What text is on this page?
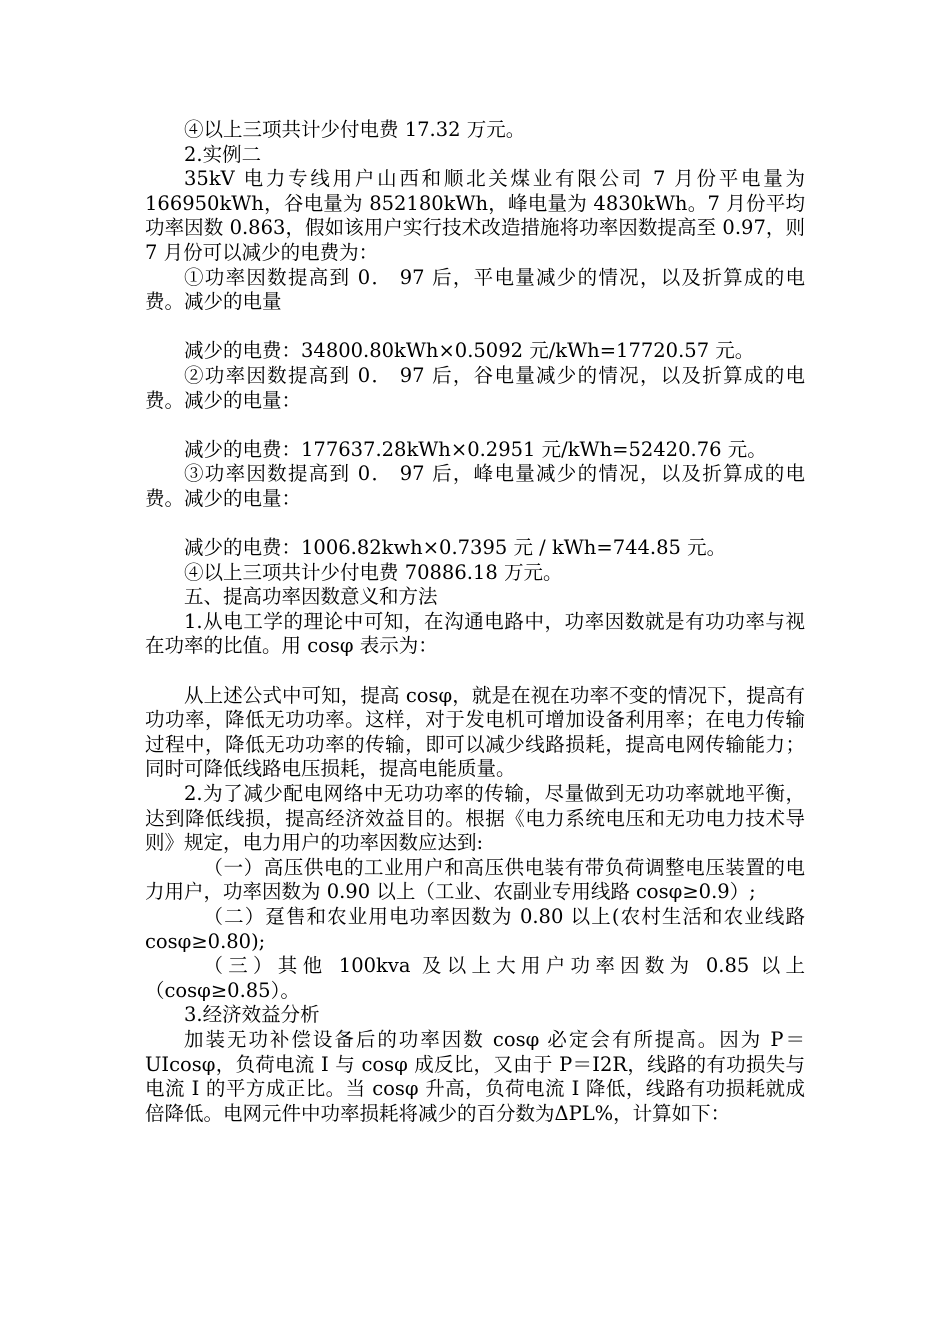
④以上三项共计少付电费 17.32 万元。

2.实例二

35kV 电力专线用户山西和顺北关煤业有限公司 7 月份平电量为 166950kWh，谷电量为 852180kWh，峰电量为 4830kWh。7 月份平均功率因数 0.863，假如该用户实行技术改造措施将功率因数提高至 0.97，则 7 月份可以减少的电费为：

①功率因数提高到 0． 97 后，平电量减少的情况，以及折算成的电费。减少的电量

减少的电费：34800.80kWh×0.5092 元/kWh=17720.57 元。

②功率因数提高到 0． 97 后，谷电量减少的情况，以及折算成的电费。减少的电量：

减少的电费：177637.28kWh×0.2951 元/kWh=52420.76 元。

③功率因数提高到 0． 97 后，峰电量减少的情况，以及折算成的电费。减少的电量：

减少的电费：1006.82kwh×0.7395 元 / kWh=744.85 元。

④以上三项共计少付电费 70886.18 万元。

五、提高功率因数意义和方法

1.从电工学的理论中可知，在沟通电路中，功率因数就是有功功率与视在功率的比值。用 cosφ 表示为：

从上述公式中可知，提高 cosφ，就是在视在功率不变的情况下，提高有功功率，降低无功功率。这样，对于发电机可增加设备利用率；在电力传输过程中，降低无功功率的传输，即可以减少线路损耗，提高电网传输能力；同时可降低线路电压损耗，提高电能质量。

2.为了减少配电网络中无功功率的传输，尽量做到无功功率就地平衡，达到降低线损，提高经济效益目的。根据《电力系统电压和无功电力技术导则》规定，电力用户的功率因数应达到:

（一）高压供电的工业用户和高压供电装有带负荷调整电压装置的电力用户，功率因数为 0.90 以上（工业、农副业专用线路 cosφ≥0.9）;

（二）趸售和农业用电功率因数为 0.80 以上(农村生活和农业线路 cosφ≥0.80);

（三）其他 100kva 及以上大用户功率因数为 0.85 以上（cosφ≥0.85）。

3.经济效益分析

加装无功补偿设备后的功率因数 cosφ 必定会有所提高。因为 P＝UIcosφ，负荷电流 I 与 cosφ 成反比，又由于 P＝I2R，线路的有功损失与电流 I 的平方成正比。当 cosφ 升高，负荷电流 I 降低，线路有功损耗就成倍降低。电网元件中功率损耗将减少的百分数为ΔPL%，计算如下：
